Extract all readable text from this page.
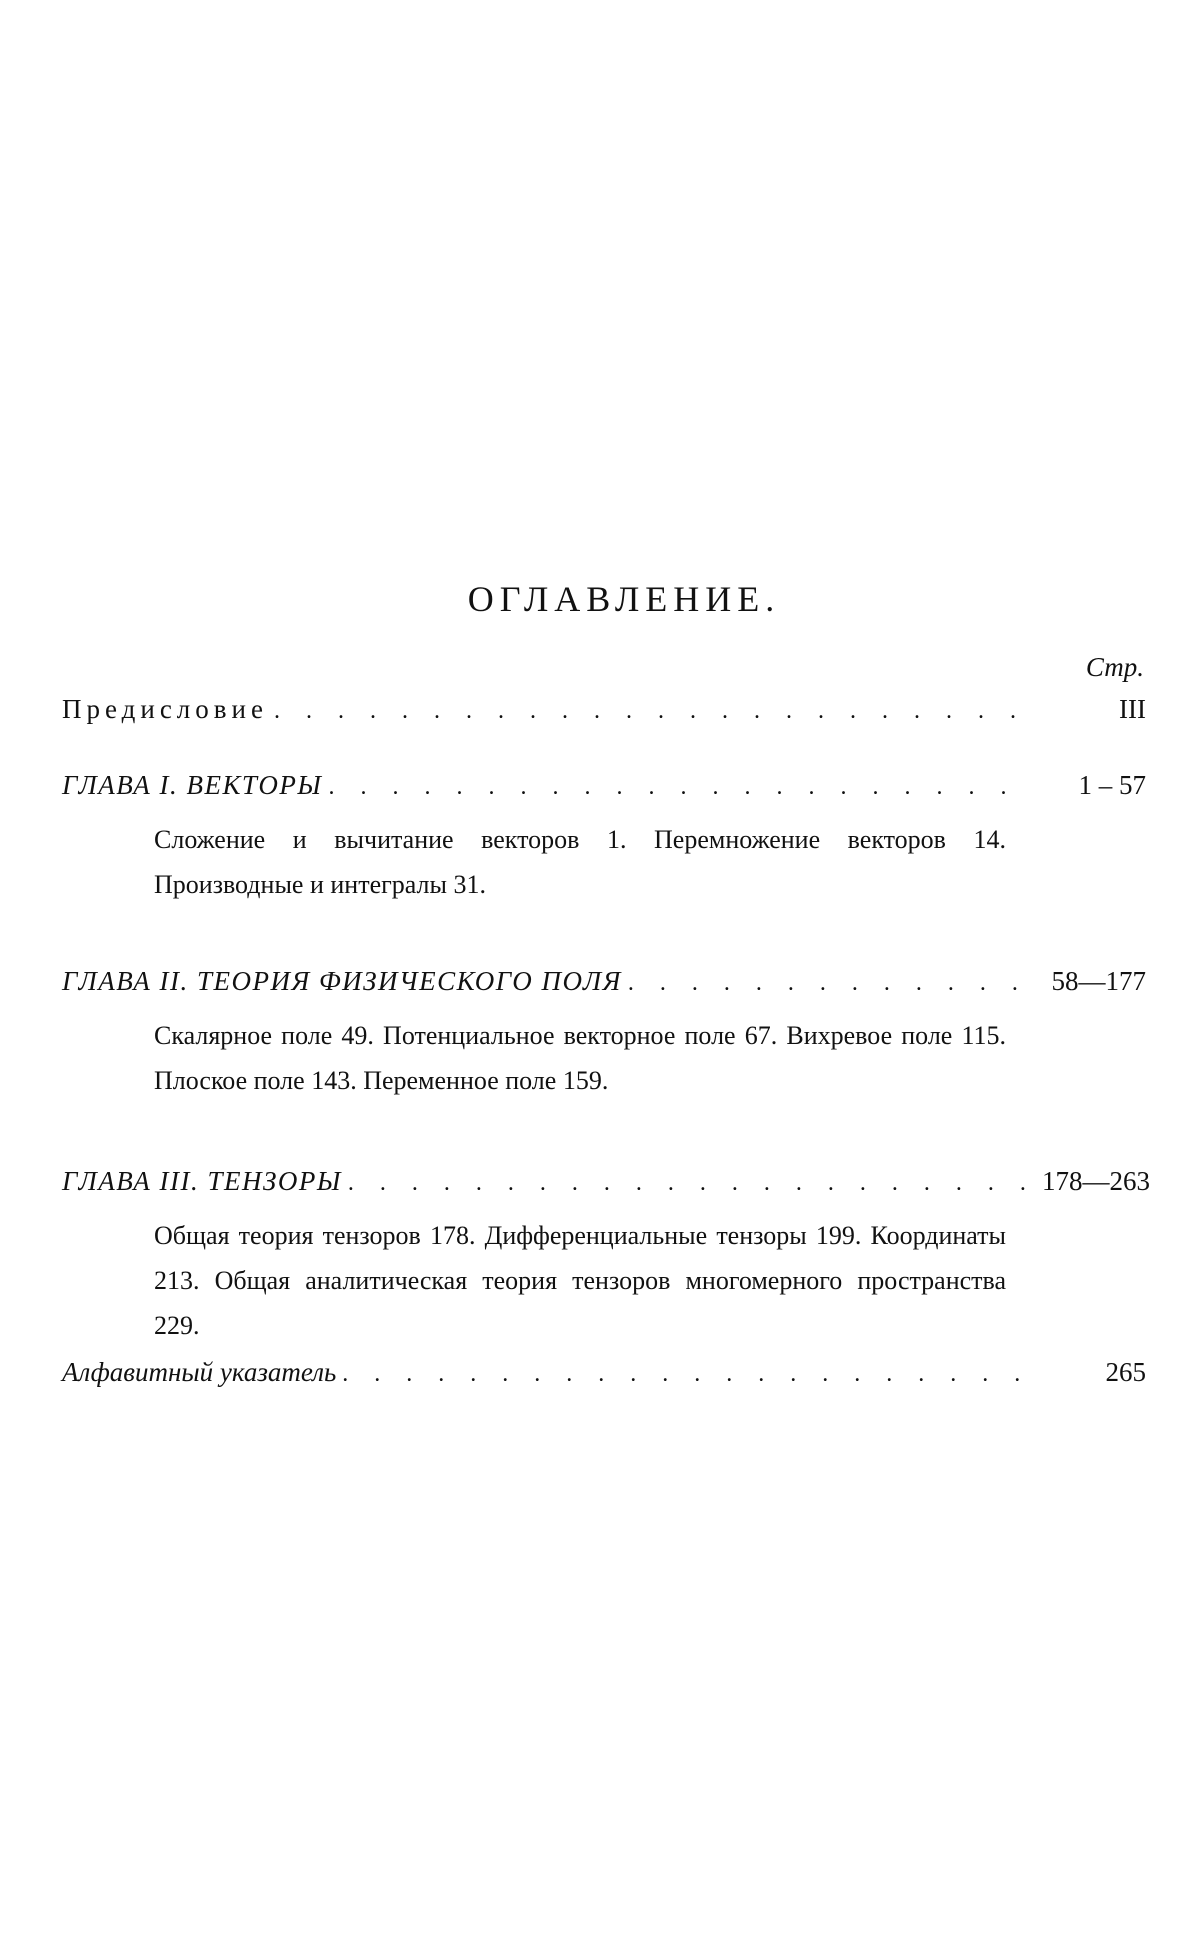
ОГЛАВЛЕНИЕ.
Стр.
Предисловие . . .	III
ГЛАВА I. ВЕКТОРЫ . . .	1 – 57
Сложение и вычитание векторов 1. Перемножение векторов 14. Производные и интегралы 31.
ГЛАВА II. ТЕОРИЯ ФИЗИЧЕСКОГО ПОЛЯ . . .	58—177
Скалярное поле 49. Потенциальное векторное поле 67. Вихревое поле 115. Плоское поле 143. Переменное поле 159.
ГЛАВА III. ТЕНЗОРЫ . . .	178—263
Общая теория тензоров 178. Дифференциальные тензоры 199. Координаты 213. Общая аналитическая теория тензоров многомерного пространства 229.
Алфавитный указатель . . .	265
